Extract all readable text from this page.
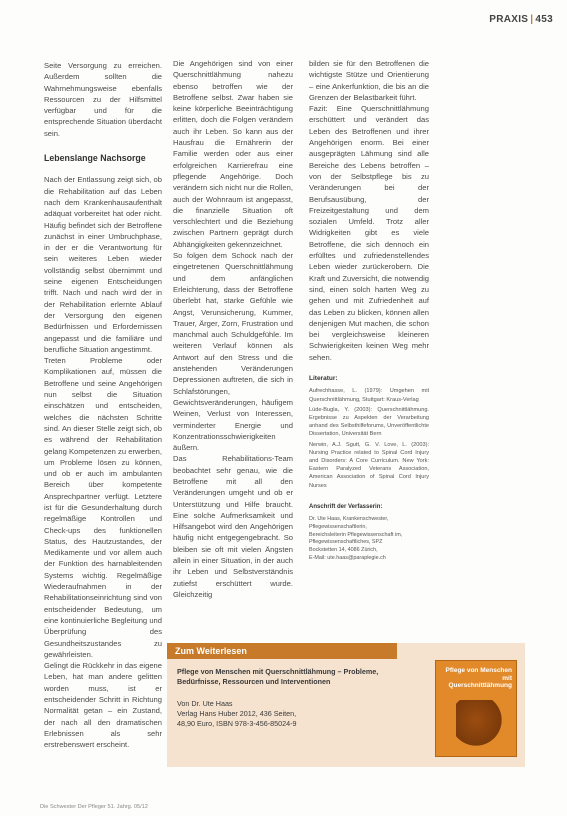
PRAXIS | 453

Seite Versorgung zu erreichen. Außerdem sollten die Wahrnehmungsweise ebenfalls Ressourcen zu der Hilfsmittel verfügbar und für die entsprechende Situation überdacht sein.

Lebenslange Nachsorge

Nach der Entlassung zeigt sich, ob die Rehabilitation auf das Leben nach dem Krankenhausaufenthalt adäquat vorbereitet hat oder nicht. Häufig befindet sich der Betroffene zunächst in einer Umbruchphase, in der er die Verantwortung für sein weiteres Leben wieder vollständig selbst übernimmt und seine eigenen Entscheidungen trifft. Nach und nach wird der in der Rehabilitation erlernte Ablauf der Versorgung den eigenen Bedürfnissen und Erfordernissen angepasst und die familiäre und berufliche Situation angestimmt.

Treten Probleme oder Komplikationen auf, müssen die Betroffene und seine Angehörigen nun selbst die Situation einschätzen und entscheiden, welches die nächsten Schritte sind. An dieser Stelle zeigt sich, ob es während der Rehabilitation gelang Kompetenzen zu erwerben, um Probleme lösen zu können, und ob er auch im ambulanten Bereich über kompetente Ansprechpartner verfügt. Letztere ist für die Gesunderhaltung durch regelmäßige Kontrollen und Check-ups des funktionellen Status, des Hautzustandes, der Medikamente und vor allem auch der Funktion des harnableitenden Systems wichtig. Regelmäßige Wiederaufnahmen in der Rehabilitationseinrichtung sind von entscheidender Bedeutung, um eine kontinuierliche Begleitung und Überprüfung des Gesundheitszustandes zu gewährleisten.

Gelingt die Rückkehr in das eigene Leben, hat man andere gelitten worden muss, ist er entscheidender Schritt in Richtung Normalität getan – ein Zustand, der nach all den dramatischen Erlebnissen als sehr erstrebenswert erscheint.

Die Angehörigen sind von einer Querschnittlähmung nahezu ebenso betroffen wie der Betroffene selbst. Zwar haben sie keine körperliche Beeinträchtigung erlitten, doch die Folgen verändern auch ihr Leben. So kann aus der Hausfrau die Ernährerin der Familie werden oder aus einer erfolgreichen Karrierefrau eine pflegende Angehörige. Doch verändern sich nicht nur die Rollen, auch der Wohnraum ist angepasst, die finanzielle Situation oft verschlechtert und die Beziehung zwischen Partnern geprägt durch Abhängigkeiten gekennzeichnet.

So folgen dem Schock nach der eingetretenen Querschnittlähmung und dem anfänglichen Erleichterung, dass der Betroffene überlebt hat, starke Gefühle wie Angst, Verunsicherung, Kummer, Trauer, Ärger, Zorn, Frustration und manchmal auch Schuldgefühle. Im weiteren Verlauf können als Antwort auf den Stress und die anstehenden Veränderungen Depressionen auftreten, die sich in Schlafstörungen, Gewichtsveränderungen, häufigem Weinen, Verlust von Interessen, verminderter Energie und Konzentrationsschwierigkeiten äußern.

Das Rehabilitations-Team beobachtet sehr genau, wie die Betroffene mit all den Veränderungen umgeht und ob er Unterstützung und Hilfe braucht. Eine solche Aufmerksamkeit und Hilfsangebot wird den Angehörigen häufig nicht entgegengebracht. So bleiben sie oft mit vielen Ängsten allein in einer Situation, in der auch ihr Leben und Selbstverständnis zutiefst erschüttert wurde. Gleichzeitig

bilden sie für den Betroffenen die wichtigste Stütze und Orientierung – eine Ankerfunktion, die bis an die Grenzen der Belastbarkeit führt.

Fazit: Eine Querschnittlähmung erschüttert und verändert das Leben des Betroffenen und ihrer Angehörigen enorm. Bei einer ausgeprägten Lähmung sind alle Bereiche des Lebens betroffen – von der Selbstpflege bis zu Veränderungen bei der Berufsausübung, der Freizeitgestaltung und dem sozialen Umfeld. Trotz aller Widrigkeiten gibt es viele Betroffene, die sich dennoch ein erfülltes und zufriedenstellendes Leben wieder zurückerobern. Die Kraft und Zuversicht, die notwendig sind, einen solch harten Weg zu gehen und mit Zufriedenheit auf das Leben zu blicken, können allen denjenigen Mut machen, die schon bei vergleichsweise kleineren Schwierigkeiten keinen Weg mehr sehen.

Literatur:

Aufrechhasse, L. (1979): Umgehen mit Querschnittlähmung, Stuttgart: Kraus-Verlag

Lüde-Bugla, Y. (2003): Querschnittlähmung. Ergebnisse zu Aspekten der Verarbeitung anhand des Selbsthilfeforums, Unveröffentlichte Dissertation, Universität Bern

Nerwin, A.J. Sgutt, G. V. Love, L. (2003): Nursing Practice related to Spinal Cord Injury and Disorders: A Core Curriculum. New York: Eastern Paralyzed Veterans Association, American Association of Spinal Cord Injury Nurses

Anschrift der Verfasserin:
Dr. Ute Haas, Krankenschwester,
Pflegewissenschaftlerin,
Bereichsleiterin Pflegewissenschaft im,
Pflegewissenschaftliches, SPZ
Bockstetten 14, 4086 Zürich,
E-Mail: ute.haas@paraplegie.ch
Zum Weiterlesen
Pflege von Menschen mit Querschnittlähmung – Probleme, Bedürfnisse, Ressourcen und Interventionen
Von Dr. Ute Haas
Verlag Hans Huber 2012, 436 Seiten,
48,90 Euro, ISBN 978-3-456-85024-9
Pflege von Menschen mit Querschnittlähmung
Die Schwester Der Pfleger 51. Jahrg. 05/12
